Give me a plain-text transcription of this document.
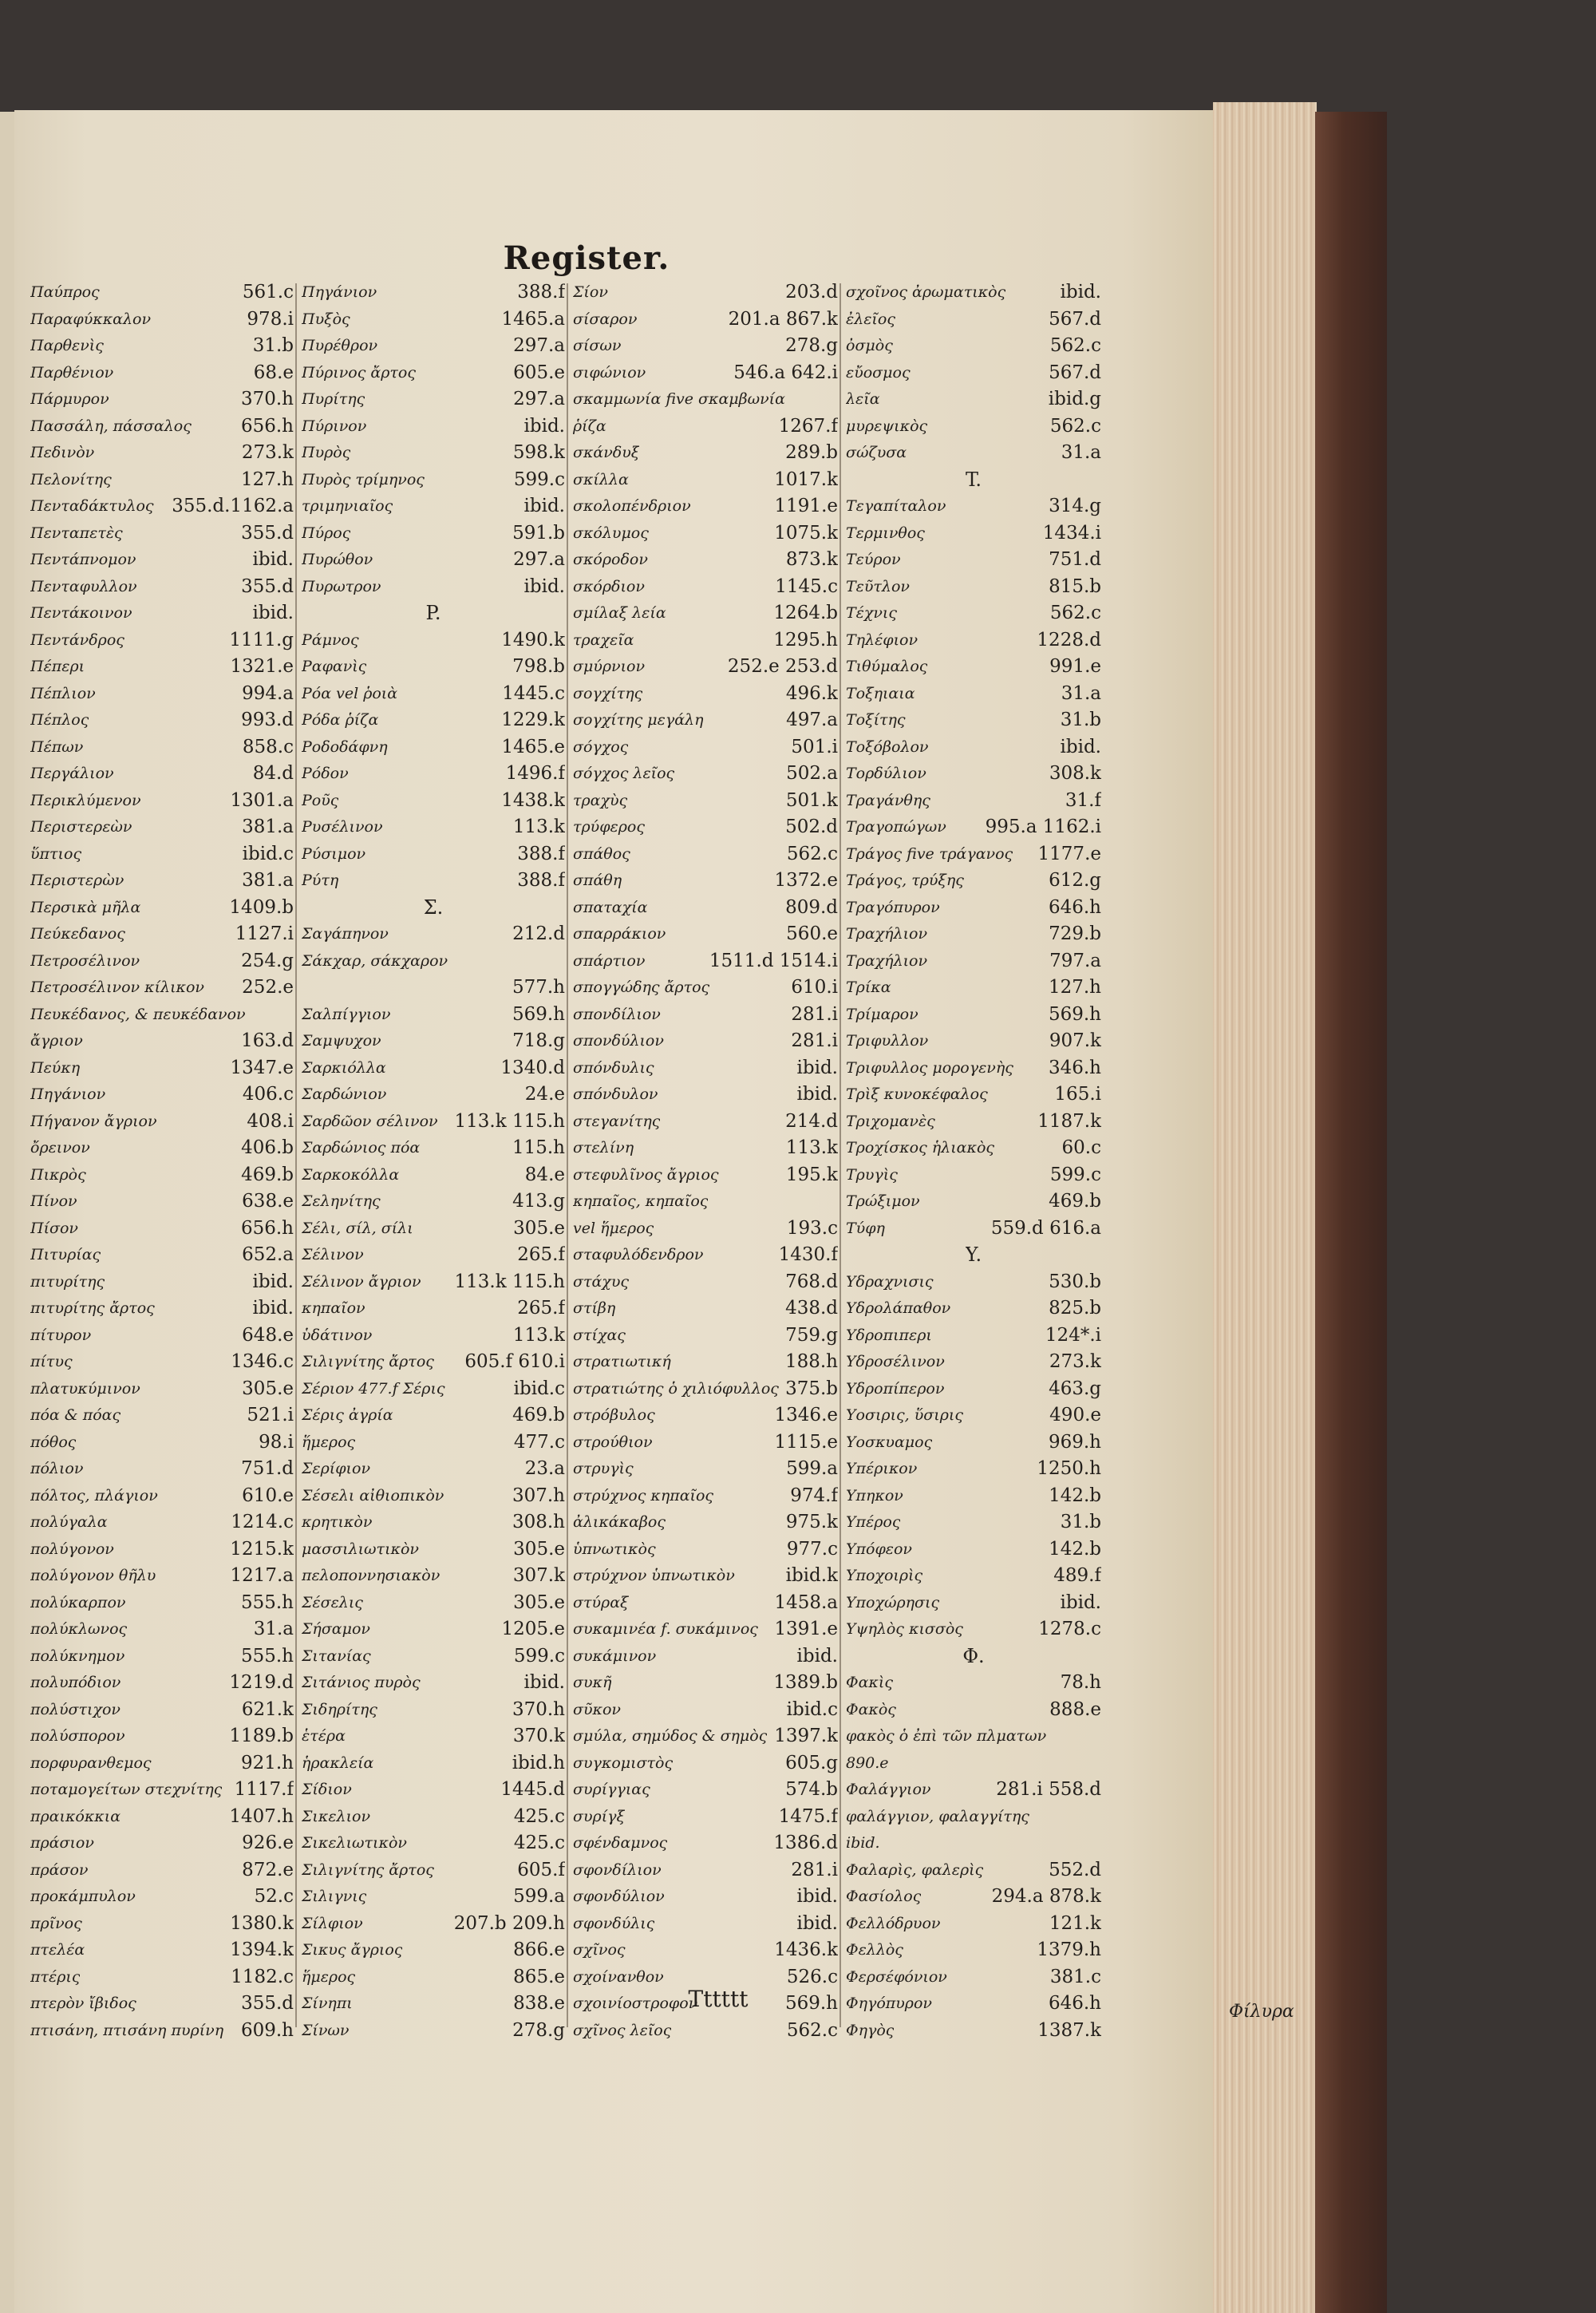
Register.
Παύπρος	561.c
Παραφύκκαλον	978.i
Παρθενὶς	31.b
Παρθένιον	68.e
Πάρμυρον	370.h
Πασσάλη, πάσσαλος	656.h
Πεδινὸν	273.k
Πελονίτης	127.h
Πενταδάκτυλος 355.d.1162.a
Πενταπετὲς	355.d
Πεντάπνομον	ibid.
Πενταφυλλον	355.d
Πεντάκοινον	ibid.
Πεντάνδρος	1111.g
Πέπερι	1321.e
Πέπλιον	994.a
Πέπλος	993.d
Πέπων	858.c
Περγάλιον	84.d
Περικλύμενον	1301.a
Περιστερεὼν	381.a
ὕπτιος	ibid.c
Περιστερὼν	381.a
Περσικὰ μῆλα	1409.b
Πεύκεδανος	1127.i
Πετροσέλινον	254.g
Πετροσέλινον κίλικον 252.e
Πευκέδανος, & πευκέδανον
ἄγριον	163.d
Πεύκη	1347.e
Πηγάνιον	406.c
Πήγανον ἄγριον	408.i
ὄρεινον	406.b
Πικρὸς	469.b
Πίνον	638.e
Πίσον	656.h
Πιτυρίας	652.a
πιτυρίτης	ibid.
πιτυρίτης ἄρτος	ibid.
πίτυρον	648.e
πίτυς	1346.c
πλατυκύμινον	305.e
πόα & πόας	521.i
πόθος	98.i
πόλιον	751.d
πόλτος, πλάγιον	610.e
πολύγαλα	1214.c
πολύγονον	1215.k
πολύγονον θῆλυ	1217.a
πολύκαρπον	555.h
πολύκλωνος	31.a
πολύκνημον	555.h
πολυπόδιον	1219.d
πολύστιχον	621.k
πολύσπορον	1189.b
πορφυρανθεμος	921.h
ποταμογείτων στεχνίτης 1117.f
πραικόκκια	1407.h
πράσιον	926.e
πράσον	872.e
προκάμπυλον	52.c
πρῖνος	1380.k
πτελέα	1394.k
πτέρις	1182.c
πτερὸν ἴβιδος	355.d
πτισάνη, πτισάνη πυρίνη 609.h
Πηγάνιον	388.f
Πυξὸς	1465.a
Πυρέθρον	297.a
Πύρινος ἄρτος	605.e
Πυρίτης	297.a
Πύρινον	ibid.
Πυρὸς	598.k
Πυρὸς τρίμηνος	599.c
τριμηνιαῖος	ibid.
Πύρος	591.b
Πυρώθον	297.a
Πυρωτρον	ibid.
P.
Ράμνος	1490.k
Ραφανὶς	798.b
Ρόα vel ῥοιὰ	1445.c
Ρόδα ῥίζα	1229.k
Ροδοδάφνη	1465.e
Ρόδον	1496.f
Ροῦς	1438.k
Ρυσέλινον	113.k
Ρύσιμον	388.f
Ρύτη	388.f
Σ.
Σαγάπηνον	212.d
Σάκχαρ, σάκχαρον
577.h
Σαλπίγγιον	569.h
Σαμψυχον	718.g
Σαρκιόλλα	1340.d
Σαρδώνιον	24.e
Σαρδῶον σέλινον 113.k 115.h
Σαρδώνιος πόα	115.h
Σαρκοκόλλα	84.e
Σεληνίτης	413.g
Σέλι, σίλ, σίλι	305.e
Σέλινον	265.f
Σέλινον ἄγριον 113.k 115.h
κηπαῖον	265.f
ὑδάτινον	113.k
Σιλιγνίτης ἄρτος 605.f 610.i
Σέριον 477.f Σέρις	ibid.c
Σέρις ἀγρία	469.b
ἥμερος	477.c
Σερίφιον	23.a
Σέσελι αἰθιοπικὸν	307.h
κρητικὸν	308.h
μασσιλιωτικὸν	305.e
πελοποννησιακὸν	307.k
Σέσελις	305.e
Σήσαμον	1205.e
Σιτανίας	599.c
Σιτάνιος πυρὸς	ibid.
Σιδηρίτης	370.h
ἑτέρα	370.k
ἡρακλεία	ibid.h
Σίδιον	1445.d
Σικελιον	425.c
Σικελιωτικὸν	425.c
Σιλιγνίτης ἄρτος	605.f
Σιλιγνις	599.a
Σίλφιον	207.b 209.h
Σικυς ἄγριος	866.e
ἥμερος	865.e
Σίνηπι	838.e
Σίνων	278.g
Σίον	203.d
σίσαρον	201.a 867.k
σίσων	278.g
σιφώνιον	546.a 642.i
σκαμμωνία five σκαμβωνία
ῥίζα	1267.f
σκάνδυξ	289.b
σκίλλα	1017.k
σκολοπένδριον	1191.e
σκόλυμος	1075.k
σκόροδον	873.k
σκόρδιον	1145.c
σμίλαξ λεία	1264.b
τραχεῖα	1295.h
σμύρνιον	252.e 253.d
σογχίτης	496.k
σογχίτης μεγάλη	497.a
σόγχος	501.i
σόγχος λεῖος	502.a
τραχὺς	501.k
τρύφερος	502.d
σπάθος	562.c
σπάθη	1372.e
σπαταχία	809.d
σπαρράκιον	560.e
σπάρτιον	1511.d 1514.i
σπογγώδης ἄρτος	610.i
σπονδίλιον	281.i
σπονδύλιον	281.i
σπόνδυλις	ibid.
σπόνδυλον	ibid.
στεγανίτης	214.d
στελίνη	113.k
στεφυλῖνος ἄγριος	195.k
κηπαῖος, κηπαῖος
vel ἥμερος	193.c
σταφυλόδενδρον	1430.f
στάχυς	768.d
στίβη	438.d
στίχας	759.g
στρατιωτική	188.h
στρατιώτης ὁ χιλιόφυλλος 375.b
στρόβυλος	1346.e
στρούθιον	1115.e
στρυγὶς	599.a
στρύχνος κηπαῖος	974.f
ἀλικάκαβος	975.k
ὑπνωτικὸς	977.c
στρύχνον ὑπνωτικὸν	ibid.k
στύραξ	1458.a
συκαμινέα f. συκάμινος 1391.e
συκάμινον	ibid.
συκῆ	1389.b
σῦκον	ibid.c
σμύλα, σημύδος & σημὸς 1397.k
συγκομιστὸς	605.g
συρίγγιας	574.b
συρίγξ	1475.f
σφένδαμνος	1386.d
σφονδίλιον	281.i
σφονδύλιον	ibid.
σφονδύλις	ibid.
σχῖνος	1436.k
σχοίνανθον	526.c
σχοινίοστροφον	569.h
σχῖνος λεῖος	562.c
σχοῖνος ἀρωματικὸς	ibid.
ἐλεῖος	567.d
ὀσμὸς	562.c
εὔοσμος	567.d
λεῖα	ibid.g
μυρεψικὸς	562.c
σώζυσα	31.a
T.
Τεγαπίταλον	314.g
Τερμινθος	1434.i
Τεύρον	751.d
Τεῦτλον	815.b
Τέχνις	562.c
Τηλέφιον	1228.d
Τιθύμαλος	991.e
Τοξηιαια	31.a
Τοξίτης	31.b
Τοξόβολον	ibid.
Τορδύλιον	308.k
Τραγάνθης	31.f
Τραγοπώγων 995.a 1162.i
Τράγος five τράγανος 1177.e
Τράγος, τρύξης	612.g
Τραγόπυρον	646.h
Τραχήλιον	729.b
Τραχήλιον	797.a
Τρίκα	127.h
Τρίμαρον	569.h
Τριφυλλον	907.k
Τριφυλλος μορογενὴς 346.h
Τρὶξ κυνοκέφαλος	165.i
Τριχομανὲς	1187.k
Τροχίσκος ἡλιακὸς	60.c
Τρυγὶς	599.c
Τρώξιμον	469.b
Τύφη	559.d 616.a
Y.
Υδραχνισις	530.b
Υδρολάπαθον	825.b
Υδροπιπερι	124*.i
Υδροσέλινον	273.k
Υδροπίπερον	463.g
Υοσιρις, ὕσιρις	490.e
Υοσκυαμος	969.h
Υπέρικον	1250.h
Υπηκον	142.b
Υπέρος	31.b
Υπόφεον	142.b
Υποχοιρὶς	489.f
Υποχώρησις	ibid.
Υψηλὸς κισσὸς	1278.c
Φ.
Φακὶς	78.h
Φακὸς	888.e
φακὸς ὁ ἐπὶ τῶν πλματων
890.e
Φαλάγγιον	281.i 558.d
φαλάγγιον, φαλαγγίτης
ibid.
Φαλαρὶς, φαλερὶς	552.d
Φασίολος	294.a 878.k
Φελλόδρυον	121.k
Φελλὸς	1379.h
Φερσέφόνιον	381.c
Φηγόπυρον	646.h
Φηγὸς	1387.k
Tttttt	Φίλυρα
